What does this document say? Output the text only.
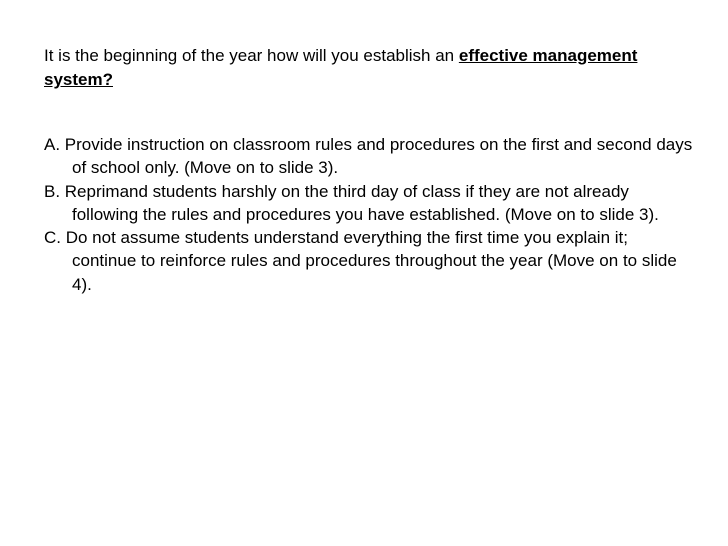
It is the beginning of the year how will you establish an effective management system?
A. Provide instruction on classroom rules and procedures on the first and second days of school only. (Move on to slide 3).
B. Reprimand students harshly on the third day of class if they are not already following the rules and procedures you have established. (Move on to slide 3).
C. Do not assume students understand everything the first time you explain it; continue to reinforce rules and procedures throughout the year (Move on to slide 4).
